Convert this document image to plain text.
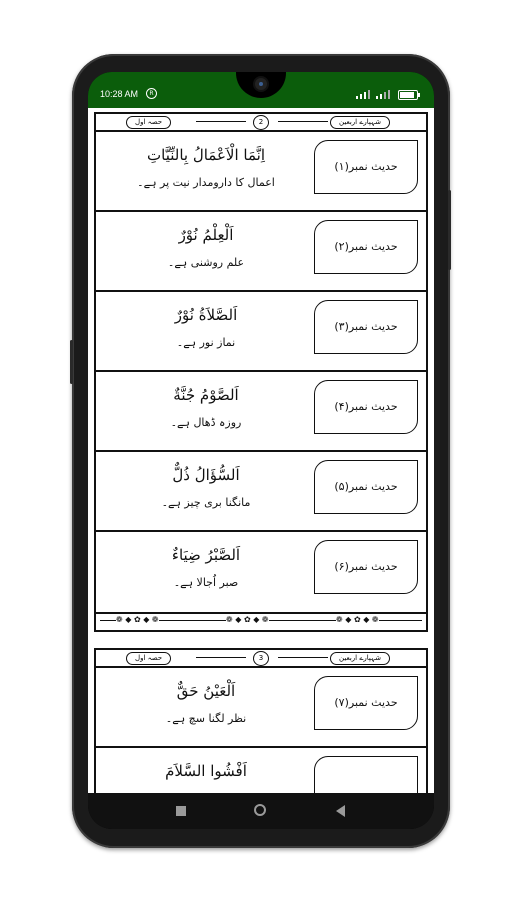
10:28 AM	R
حصہ اول	2	شہپارے اربعین
اِنَّمَا الْاَعْمَالُ بِالنِّيَّاتِ
اعمال کا دارومدار نیت پر ہے۔
حدیث نمبر(۱)
اَلْعِلْمُ نُوْرٌ
علم روشنی ہے۔
حدیث نمبر(۲)
اَلصَّلاَةُ نُوْرٌ
نماز نور ہے۔
حدیث نمبر(۳)
اَلصَّوْمُ جُنَّةٌ
روزہ ڈھال ہے۔
حدیث نمبر(۴)
اَلسُّؤَالُ ذُلٌّ
مانگنا بری چیز ہے۔
حدیث نمبر(۵)
اَلصَّبْرُ ضِيَاءٌ
صبر اُجالا ہے۔
حدیث نمبر(۶)
❁ ◆ ✿ ◆ ❁	❁ ◆ ✿ ◆ ❁	❁ ◆ ✿ ◆ ❁
حصہ اول	3	شہپارے اربعین
اَلْعَيْنُ حَقٌّ
نظر لگنا سچ ہے۔
حدیث نمبر(۷)
اَفْشُوا السَّلاَمَ
